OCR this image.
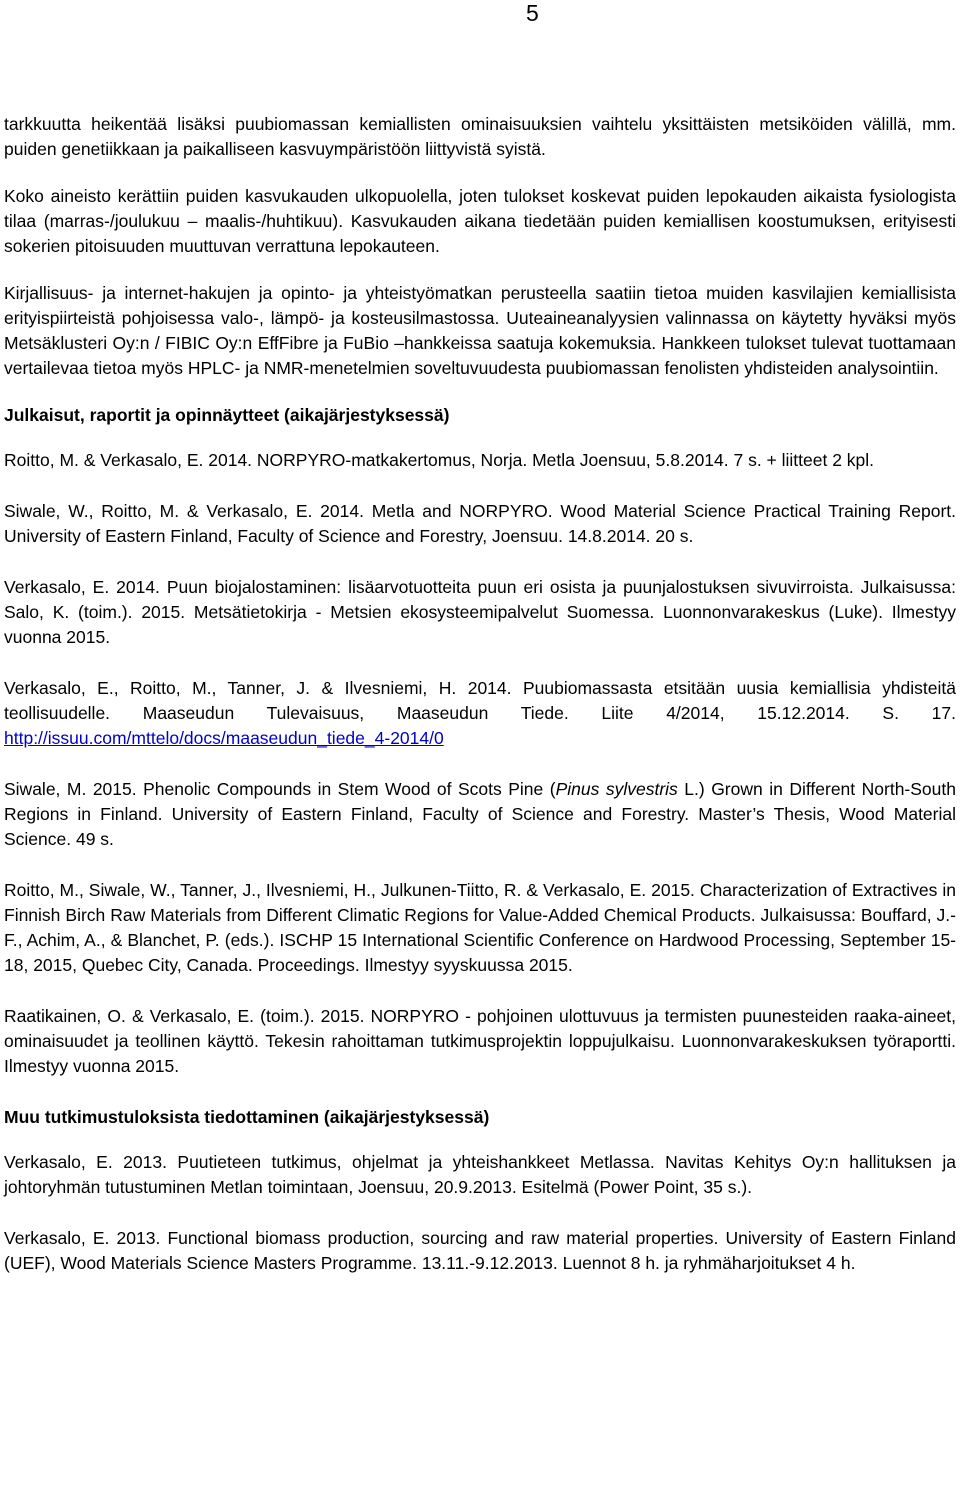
5

tarkkuutta heikentää lisäksi puubiomassan kemiallisten ominaisuuksien vaihtelu yksittäisten metsiköiden välillä, mm. puiden genetiikkaan ja paikalliseen kasvuympäristöön liittyvistä syistä.

Koko aineisto kerättiin puiden kasvukauden ulkopuolella, joten tulokset koskevat puiden lepokauden aikaista fysiologista tilaa (marras-/joulukuu – maalis-/huhtikuu). Kasvukauden aikana tiedetään puiden kemiallisen koostumuksen, erityisesti sokerien pitoisuuden muuttuvan verrattuna lepokauteen.

Kirjallisuus- ja internet-hakujen ja opinto- ja yhteistyömatkan perusteella saatiin tietoa muiden kasvilajien kemiallisista erityispiirteistä pohjoisessa valo-, lämpö- ja kosteusilmastossa. Uuteaineanalyysien valinnassa on käytetty hyväksi myös Metsäklusteri Oy:n / FIBIC Oy:n EffFibre ja FuBio –hankkeissa saatuja kokemuksia. Hankkeen tulokset tulevat tuottamaan vertailevaa tietoa myös HPLC- ja NMR-menetelmien soveltuvuudesta puubiomassan fenolisten yhdisteiden analysointiin.

Julkaisut, raportit ja opinnäytteet (aikajärjestyksessä)

Roitto, M. & Verkasalo, E. 2014. NORPYRO-matkakertomus, Norja. Metla Joensuu, 5.8.2014. 7 s. + liitteet 2 kpl.

Siwale, W., Roitto, M. & Verkasalo, E. 2014. Metla and NORPYRO. Wood Material Science Practical Training Report. University of Eastern Finland, Faculty of Science and Forestry, Joensuu. 14.8.2014. 20 s.

Verkasalo, E. 2014. Puun biojalostaminen: lisäarvotuotteita puun eri osista ja puunjalostuksen sivuvirroista. Julkaisussa: Salo, K. (toim.). 2015. Metsätietokirja - Metsien ekosysteemipalvelut Suomessa. Luonnonvarakeskus (Luke). Ilmestyy vuonna 2015.

Verkasalo, E., Roitto, M., Tanner, J. & Ilvesniemi, H. 2014. Puubiomassasta etsitään uusia kemiallisia yhdisteitä teollisuudelle. Maaseudun Tulevaisuus, Maaseudun Tiede. Liite 4/2014, 15.12.2014. S. 17. http://issuu.com/mttelo/docs/maaseudun_tiede_4-2014/0

Siwale, M. 2015. Phenolic Compounds in Stem Wood of Scots Pine (Pinus sylvestris L.) Grown in Different North-South Regions in Finland. University of Eastern Finland, Faculty of Science and Forestry. Master’s Thesis, Wood Material Science. 49 s.

Roitto, M., Siwale, W., Tanner, J., Ilvesniemi, H., Julkunen-Tiitto, R. & Verkasalo, E. 2015. Characterization of Extractives in Finnish Birch Raw Materials from Different Climatic Regions for Value-Added Chemical Products. Julkaisussa: Bouffard, J.-F., Achim, A., & Blanchet, P. (eds.). ISCHP 15 International Scientific Conference on Hardwood Processing, September 15-18, 2015, Quebec City, Canada. Proceedings. Ilmestyy syyskuussa 2015.

Raatikainen, O. & Verkasalo, E. (toim.). 2015. NORPYRO - pohjoinen ulottuvuus ja termisten puunesteiden raaka-aineet, ominaisuudet ja teollinen käyttö. Tekesin rahoittaman tutkimusprojektin loppujulkaisu. Luonnonvarakeskuksen työraportti. Ilmestyy vuonna 2015.

Muu tutkimustuloksista tiedottaminen (aikajärjestyksessä)

Verkasalo, E. 2013. Puutieteen tutkimus, ohjelmat ja yhteishankkeet Metlassa. Navitas Kehitys Oy:n hallituksen ja johtoryhmän tutustuminen Metlan toimintaan, Joensuu, 20.9.2013. Esitelmä (Power Point, 35 s.).

Verkasalo, E. 2013. Functional biomass production, sourcing and raw material properties. University of Eastern Finland (UEF), Wood Materials Science Masters Programme. 13.11.-9.12.2013. Luennot 8 h. ja ryhmäharjoitukset 4 h.
